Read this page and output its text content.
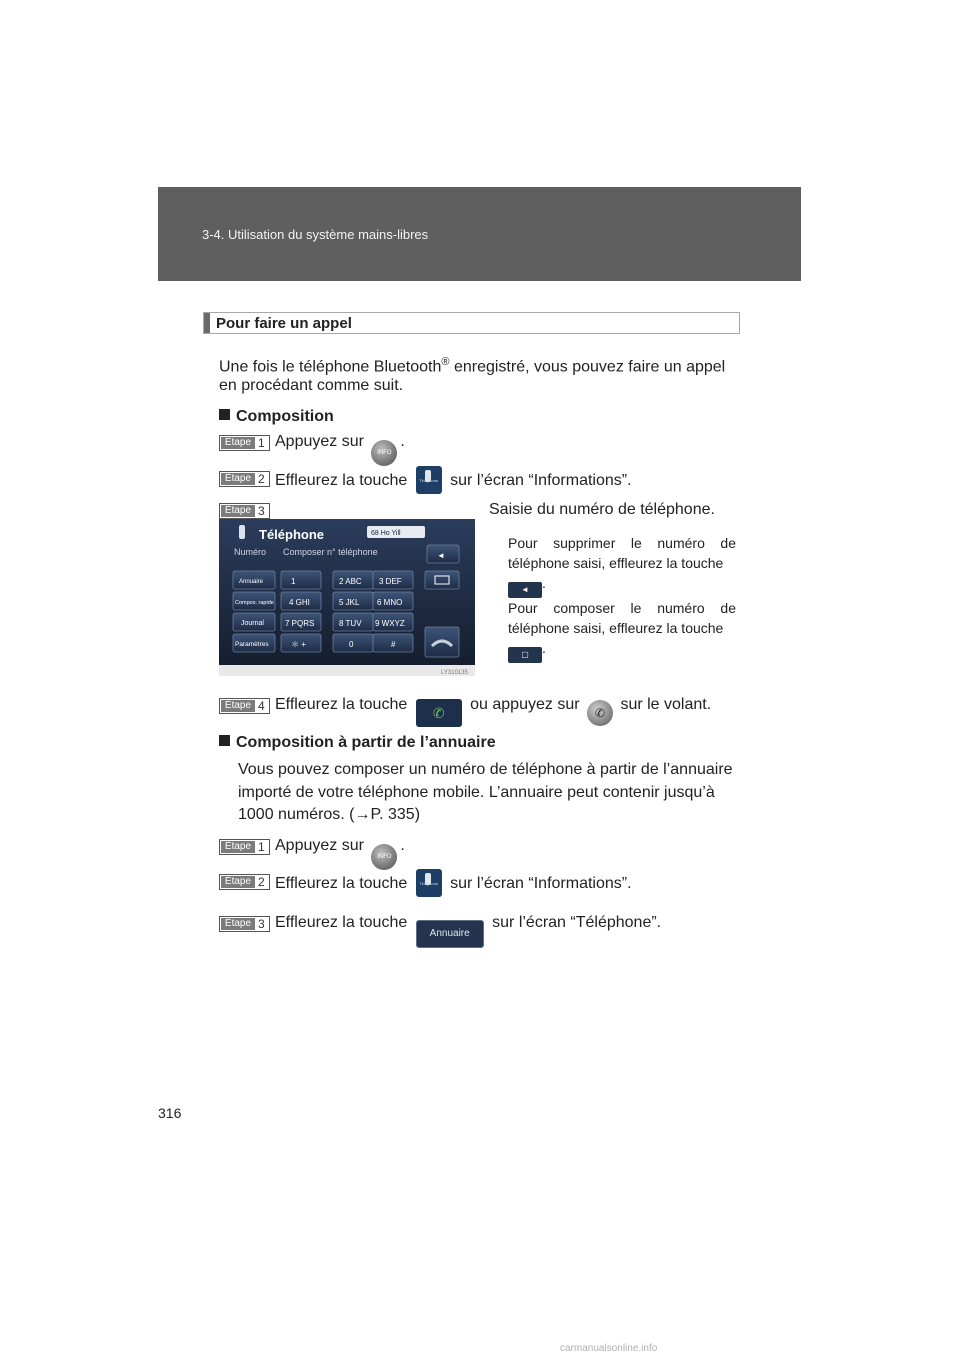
3-4. Utilisation du système mains-libres
Pour faire un appel
Une fois le téléphone Bluetooth® enregistré, vous pouvez faire un appel
en procédant comme suit.
Composition
Étape 1 Appuyez sur INFO.
Étape 2 Effleurez la touche Téléphone	sur l’écran “Informations”.
Étape 3	Saisie du numéro de téléphone.
Téléphone	68 Ho Yill
Numéro Composer n° téléphone	◄
Annuaire
Compos. rapide
Journal
Paramètres
1	2 ABC 3 DEF
4 GHI	5 JKL 6 MNO
7 PQRS	8 TUV 9 WXYZ
＊ +	0	#
LY310135
Pour supprimer le numéro de
téléphone saisi, effleurez la touche
◄ .
Pour composer le numéro de
téléphone saisi, effleurez la touche
▢ .
Étape 4 Effleurez la touche ✆ ou appuyez sur ✆ sur le volant.
Composition à partir de l’annuaire
Vous pouvez composer un numéro de téléphone à partir de l’annuaire
importé de votre téléphone mobile. L’annuaire peut contenir jusqu’à
1000 numéros. (→P. 335)
Étape 1 Appuyez sur INFO.
Étape 2 Effleurez la touche Téléphone	sur l’écran “Informations”.
Étape 3 Effleurez la touche Annuaire sur l’écran “Téléphone”.
316
carmanualsonline.info
